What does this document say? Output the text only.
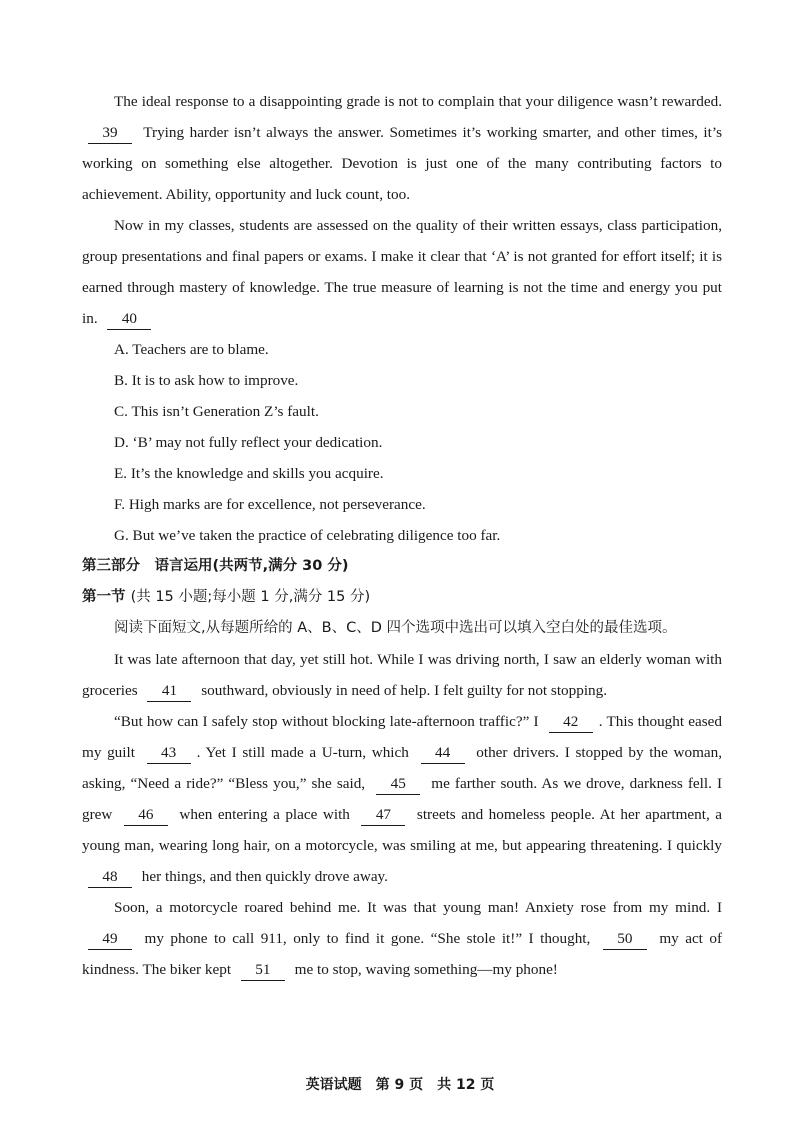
The ideal response to a disappointing grade is not to complain that your diligence wasn’t rewarded. 39 Trying harder isn’t always the answer. Sometimes it’s working smarter, and other times, it’s working on something else altogether. Devotion is just one of the many contributing factors to achievement. Ability, opportunity and luck count, too.

Now in my classes, students are assessed on the quality of their written essays, class participation, group presentations and final papers or exams. I make it clear that ‘A’ is not granted for effort itself; it is earned through mastery of knowledge. The true measure of learning is not the time and energy you put in. 40

A. Teachers are to blame.

B. It is to ask how to improve.

C. This isn’t Generation Z’s fault.

D. ‘B’ may not fully reflect your dedication.

E. It’s the knowledge and skills you acquire.

F. High marks are for excellence, not perseverance.

G. But we’ve taken the practice of celebrating diligence too far.

第三部分　语言运用(共两节,满分 30 分)

第一节 (共 15 小题;每小题 1 分,满分 15 分)

阅读下面短文,从每题所给的 A、B、C、D 四个选项中选出可以填入空白处的最佳选项。

It was late afternoon that day, yet still hot. While I was driving north, I saw an elderly woman with groceries 41 southward, obviously in need of help. I felt guilty for not stopping.

“But how can I safely stop without blocking late-afternoon traffic?” I 42 . This thought eased my guilt 43 . Yet I still made a U-turn, which 44 other drivers. I stopped by the woman, asking, “Need a ride?” “Bless you,” she said, 45 me farther south. As we drove, darkness fell. I grew 46 when entering a place with 47 streets and homeless people. At her apartment, a young man, wearing long hair, on a motorcycle, was smiling at me, but appearing threatening. I quickly 48 her things, and then quickly drove away.

Soon, a motorcycle roared behind me. It was that young man! Anxiety rose from my mind. I 49 my phone to call 911, only to find it gone. “She stole it!” I thought, 50 my act of kindness. The biker kept 51 me to stop, waving something—my phone!

英语试题　第 9 页　共 12 页
